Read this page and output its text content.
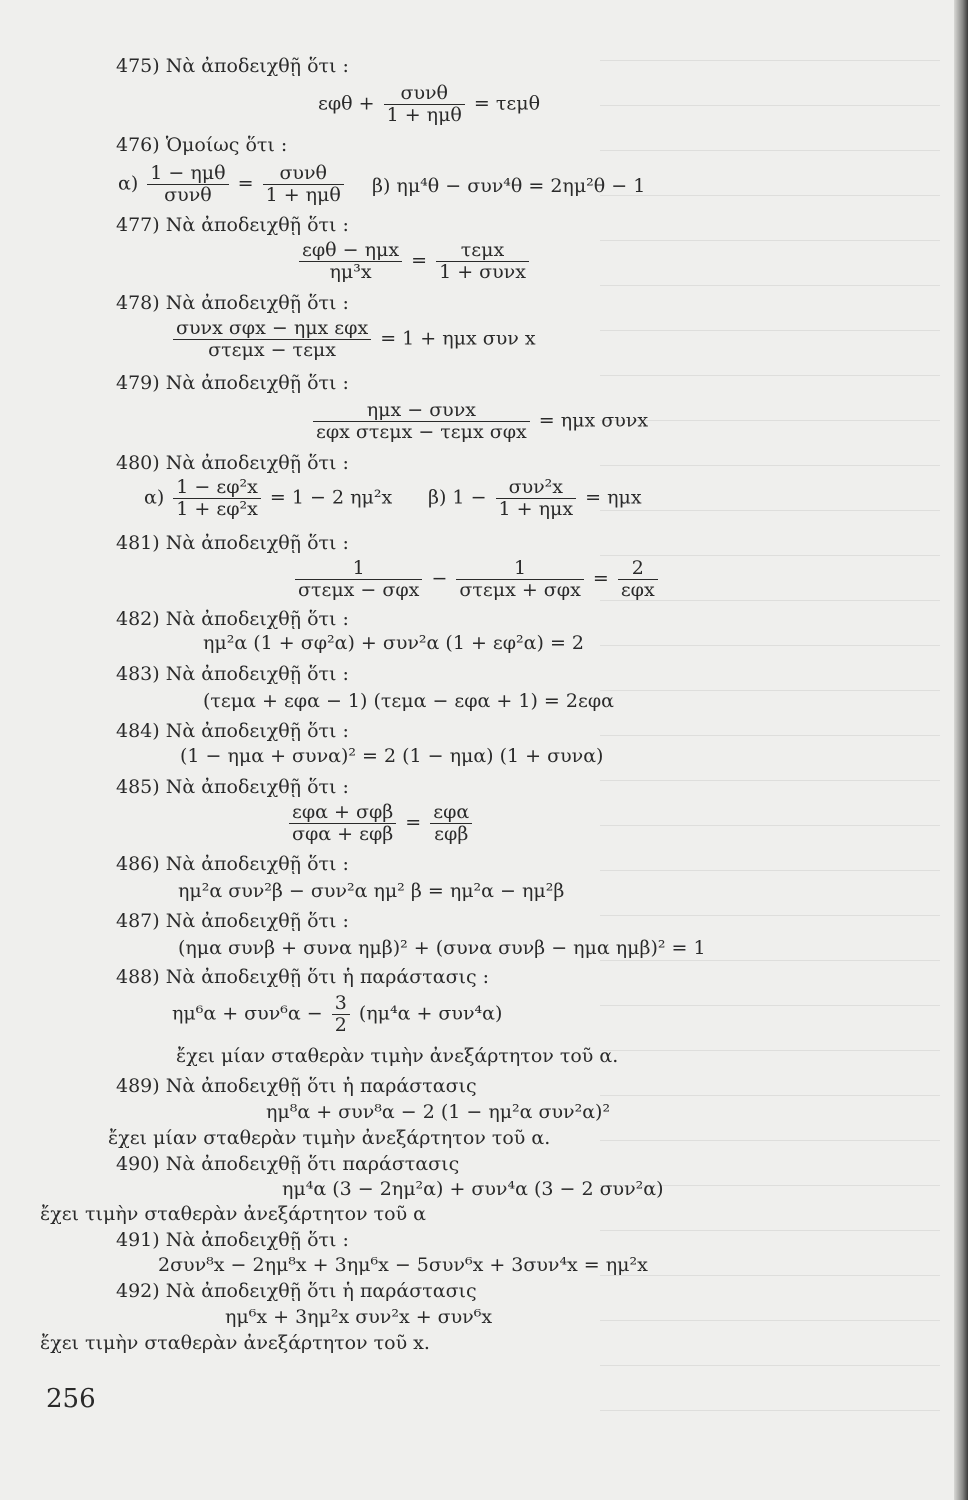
475) Νὰ ἀποδειχθῇ ὅτι :
$\varepsilon\varphi\theta + \frac{\text{συνθ}}{\text{1 + ημθ}} = \tau\varepsilon\mu\theta$
476) Ὁμοίως ὅτι :
$\alpha) \frac{\text{1 − ημθ}}{\text{συνθ}} = \frac{\text{συνθ}}{\text{1 + ημθ}} \beta$) ημ⁴θ − συν⁴θ = 2ημ²θ − 1
477) Νὰ ἀποδειχθῇ ὅτι :
$\frac{\text{εφθ − ημx}}{\text{ημ³x}} = \frac{\text{τεμx}}{\text{1 + συνx}}$
478) Νὰ ἀποδειχθῇ ὅτι :
$\frac{\text{συνx σφx − ημx εφx}}{\text{στεμx − τεμx}} = 1 + \eta\mu x$ συν x
479) Νὰ ἀποδειχθῇ ὅτι :
$\frac{\text{ημx − συνx}}{\text{εφx στεμx − τεμx σφx}} = \eta\mu x$ συνx
480) Νὰ ἀποδειχθῇ ὅτι :
$\alpha) \frac{\text{1 − εφ²x}}{\text{1 + εφ²x}} = 1 - 2$ ημ²x β) $1 - \frac{\text{συν²x}}{\text{1 + ημx}} = \eta\mu x$
481) Νὰ ἀποδειχθῇ ὅτι :
$\frac{1}{\text{στεμx − σφx}} - \frac{1}{\text{στεμx + σφx}} = \frac{2}{\text{εφx}}$
482) Νὰ ἀποδειχθῇ ὅτι :
ημ²α (1 + σφ²α) + συν²α (1 + εφ²α) = 2
483) Νὰ ἀποδειχθῇ ὅτι :
(τεμα + εφα − 1) (τεμα − εφα + 1) = 2εφα
484) Νὰ ἀποδειχθῇ ὅτι :
(1 − ημα + συνα)² = 2 (1 − ημα) (1 + συνα)
485) Νὰ ἀποδειχθῇ ὅτι :
$\frac{\text{εφα + σφβ}}{\text{σφα + εφβ}} = \frac{\text{εφα}}{\text{εφβ}}$
486) Νὰ ἀποδειχθῇ ὅτι :
ημ²α συν²β − συν²α ημ² β = ημ²α − ημ²β
487) Νὰ ἀποδειχθῇ ὅτι :
(ημα συνβ + συνα ημβ)² + (συνα συνβ − ημα ημβ)² = 1
488) Νὰ ἀποδειχθῇ ὅτι ἡ παράστασις :
$\eta\mu^6\alpha + \sigma\upsilon\nu^6\alpha - \frac{3}{2} (\eta\mu^4\alpha + \sigma\upsilon\nu^4\alpha)$
ἔχει μίαν σταθερὰν τιμὴν ἀνεξάρτητον τοῦ α.
489) Νὰ ἀποδειχθῇ ὅτι ἡ παράστασις
ημ⁸α + συν⁸α − 2 (1 − ημ²α συν²α)²
ἔχει μίαν σταθερὰν τιμὴν ἀνεξάρτητον τοῦ α.
490) Νὰ ἀποδειχθῇ ὅτι παράστασις
ημ⁴α (3 − 2ημ²α) + συν⁴α (3 − 2 συν²α)
ἔχει τιμὴν σταθερὰν ἀνεξάρτητον τοῦ α
491) Νὰ ἀποδειχθῇ ὅτι :
2συν⁸x − 2ημ⁸x + 3ημ⁶x − 5συν⁶x + 3συν⁴x = ημ²x
492) Νὰ ἀποδειχθῇ ὅτι ἡ παράστασις
ημ⁶x + 3ημ²x συν²x + συν⁶x
ἔχει τιμὴν σταθερὰν ἀνεξάρτητον τοῦ x.
256
